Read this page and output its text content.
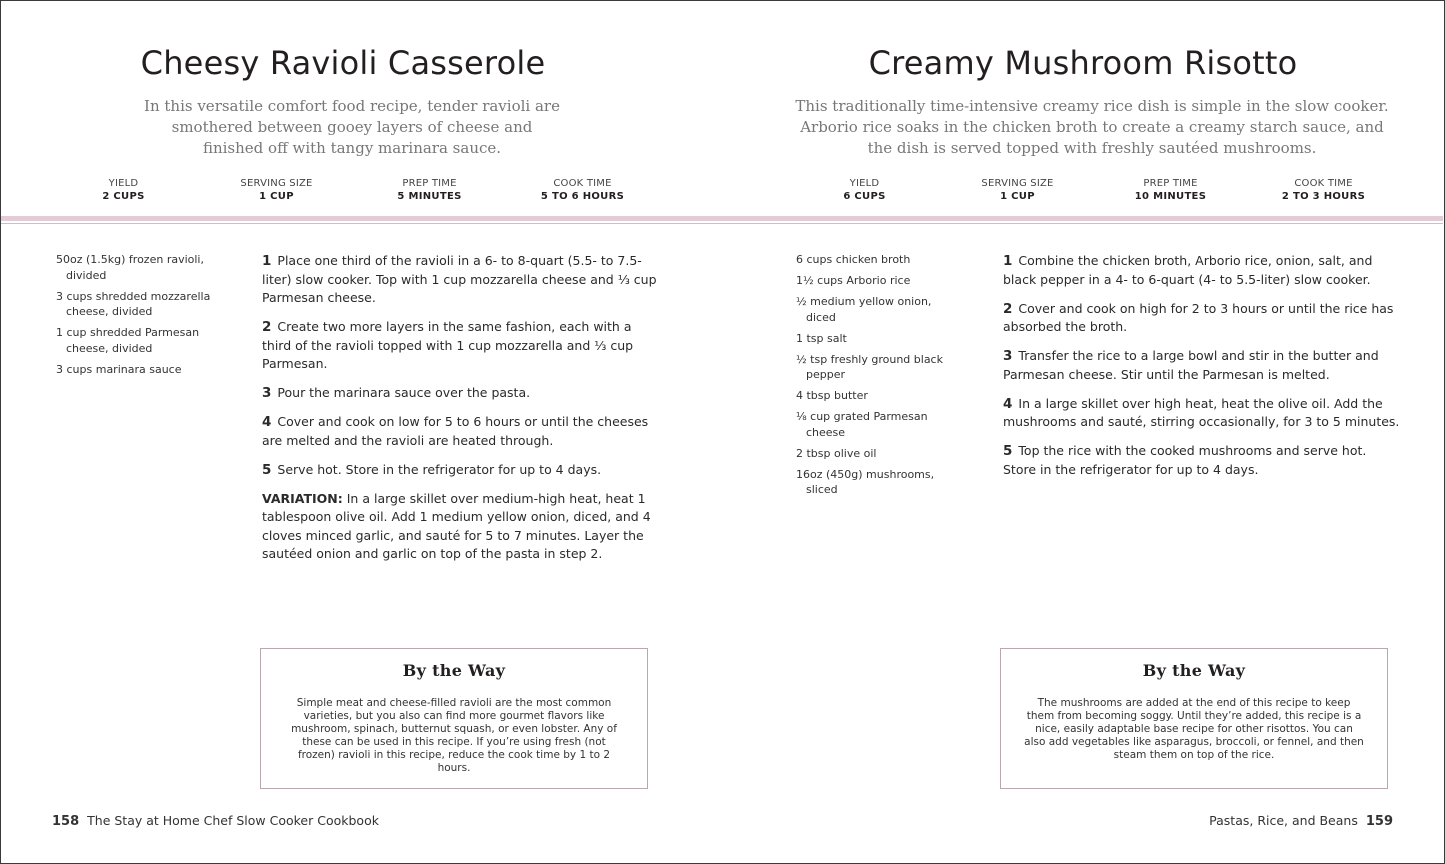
Cheesy Ravioli Casserole
In this versatile comfort food recipe, tender ravioli are smothered between gooey layers of cheese and finished off with tangy marinara sauce.
YIELD
2 CUPS
SERVING SIZE
1 CUP
PREP TIME
5 MINUTES
COOK TIME
5 TO 6 HOURS
50oz (1.5kg) frozen ravioli, divided
3 cups shredded mozzarella cheese, divided
1 cup shredded Parmesan cheese, divided
3 cups marinara sauce

1 Place one third of the ravioli in a 6- to 8-quart (5.5- to 7.5-liter) slow cooker. Top with 1 cup mozzarella cheese and ⅓ cup Parmesan cheese.

2 Create two more layers in the same fashion, each with a third of the ravioli topped with 1 cup mozzarella and ⅓ cup Parmesan.

3 Pour the marinara sauce over the pasta.

4 Cover and cook on low for 5 to 6 hours or until the cheeses are melted and the ravioli are heated through.

5 Serve hot. Store in the refrigerator for up to 4 days.

VARIATION: In a large skillet over medium-high heat, heat 1 tablespoon olive oil. Add 1 medium yellow onion, diced, and 4 cloves minced garlic, and sauté for 5 to 7 minutes. Layer the sautéed onion and garlic on top of the pasta in step 2.

By the Way
Simple meat and cheese-filled ravioli are the most common varieties, but you also can find more gourmet flavors like mushroom, spinach, butternut squash, or even lobster. Any of these can be used in this recipe. If you’re using fresh (not frozen) ravioli in this recipe, reduce the cook time by 1 to 2 hours.
158 The Stay at Home Chef Slow Cooker Cookbook
Creamy Mushroom Risotto
This traditionally time-intensive creamy rice dish is simple in the slow cooker. Arborio rice soaks in the chicken broth to create a creamy starch sauce, and the dish is served topped with freshly sautéed mushrooms.
YIELD
6 CUPS
SERVING SIZE
1 CUP
PREP TIME
10 MINUTES
COOK TIME
2 TO 3 HOURS
6 cups chicken broth
1½ cups Arborio rice
½ medium yellow onion, diced
1 tsp salt
½ tsp freshly ground black pepper
4 tbsp butter
⅛ cup grated Parmesan cheese
2 tbsp olive oil
16oz (450g) mushrooms, sliced

1 Combine the chicken broth, Arborio rice, onion, salt, and black pepper in a 4- to 6-quart (4- to 5.5-liter) slow cooker.

2 Cover and cook on high for 2 to 3 hours or until the rice has absorbed the broth.

3 Transfer the rice to a large bowl and stir in the butter and Parmesan cheese. Stir until the Parmesan is melted.

4 In a large skillet over high heat, heat the olive oil. Add the mushrooms and sauté, stirring occasionally, for 3 to 5 minutes.

5 Top the rice with the cooked mushrooms and serve hot. Store in the refrigerator for up to 4 days.

By the Way
The mushrooms are added at the end of this recipe to keep them from becoming soggy. Until they’re added, this recipe is a nice, easily adaptable base recipe for other risottos. You can also add vegetables like asparagus, broccoli, or fennel, and then steam them on top of the rice.
Pastas, Rice, and Beans 159
